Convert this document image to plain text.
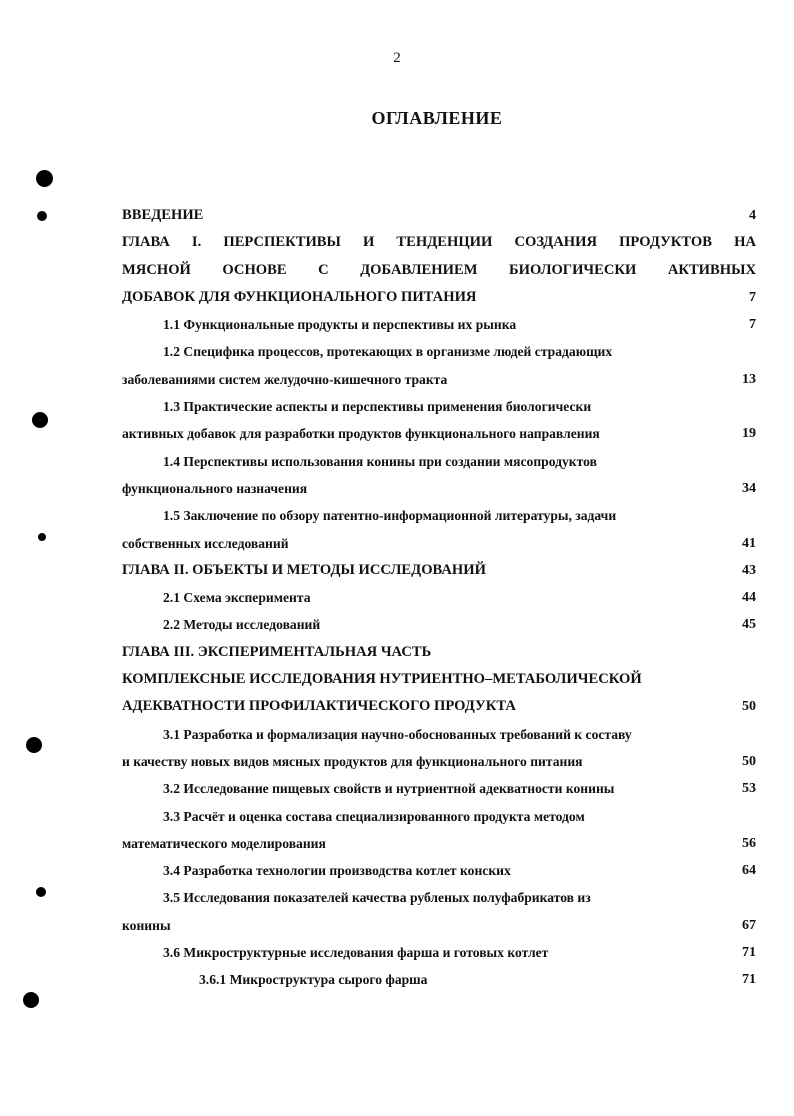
2
ОГЛАВЛЕНИЕ
ВВЕДЕНИЕ	4
ГЛАВА I. ПЕРСПЕКТИВЫ И ТЕНДЕНЦИИ СОЗДАНИЯ ПРОДУКТОВ НА
МЯСНОЙ ОСНОВЕ С ДОБАВЛЕНИЕМ БИОЛОГИЧЕСКИ АКТИВНЫХ
ДОБАВОК ДЛЯ ФУНКЦИОНАЛЬНОГО ПИТАНИЯ	7
1.1 Функциональные продукты и перспективы их рынка	7
1.2 Специфика процессов, протекающих в организме людей страдающих
заболеваниями систем желудочно-кишечного тракта	13
1.3 Практические аспекты и перспективы применения биологически
активных добавок для разработки продуктов функционального направления	19
1.4 Перспективы использования конины при создании мясопродуктов
функционального назначения	34
1.5 Заключение по обзору патентно-информационной литературы, задачи
собственных исследований	41
ГЛАВА II. ОБЪЕКТЫ И МЕТОДЫ ИССЛЕДОВАНИЙ	43
2.1 Схема эксперимента	44
2.2 Методы исследований	45
ГЛАВА III. ЭКСПЕРИМЕНТАЛЬНАЯ ЧАСТЬ
КОМПЛЕКСНЫЕ ИССЛЕДОВАНИЯ НУТРИЕНТНО–МЕТАБОЛИЧЕСКОЙ
АДЕКВАТНОСТИ ПРОФИЛАКТИЧЕСКОГО ПРОДУКТА	50
3.1 Разработка и формализация научно-обоснованных требований к составу
и качеству новых видов мясных продуктов для функционального питания	50
3.2 Исследование пищевых свойств и нутриентной адекватности конины	53
3.3 Расчёт и оценка состава специализированного продукта методом
математического моделирования	56
3.4 Разработка технологии производства котлет конских	64
3.5 Исследования показателей качества рубленых полуфабрикатов из
конины	67
3.6 Микроструктурные исследования фарша и готовых котлет	71
3.6.1 Микроструктура сырого фарша	71
